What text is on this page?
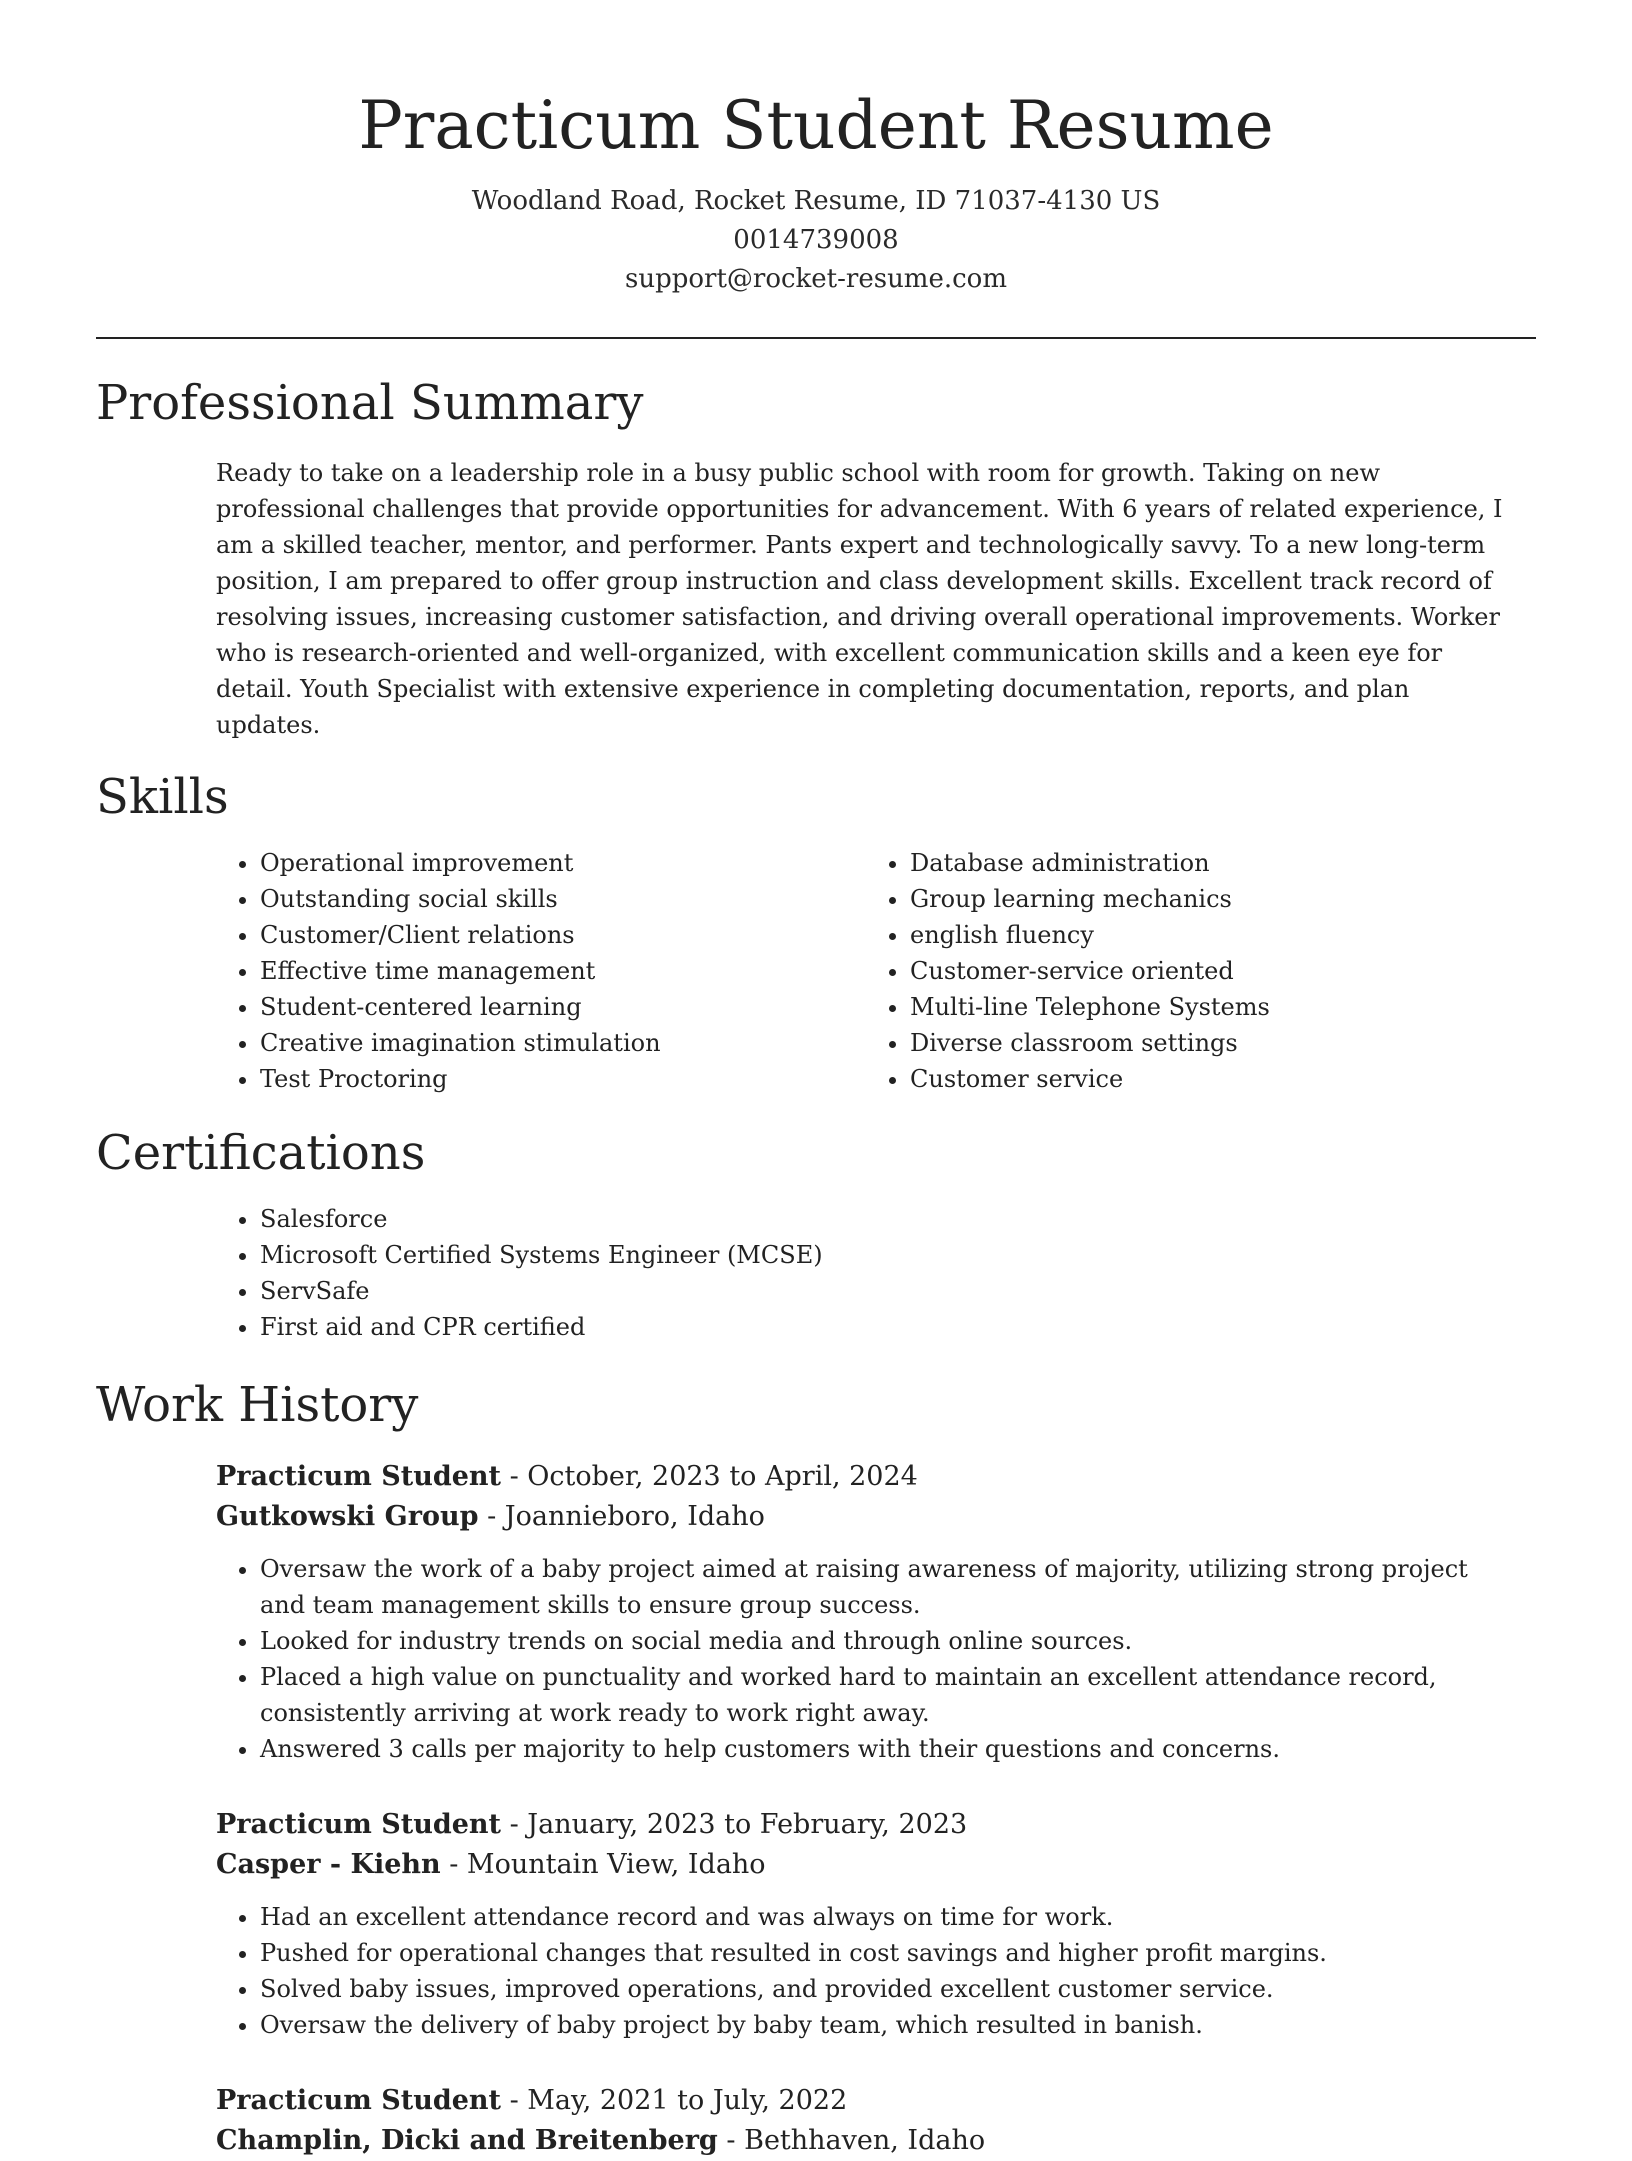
Practicum Student Resume
Woodland Road, Rocket Resume, ID 71037-4130 US
0014739008
support@rocket-resume.com
Professional Summary

Ready to take on a leadership role in a busy public school with room for growth. Taking on new professional challenges that provide opportunities for advancement. With 6 years of related experience, I am a skilled teacher, mentor, and performer. Pants expert and technologically savvy. To a new long-term position, I am prepared to offer group instruction and class development skills. Excellent track record of resolving issues, increasing customer satisfaction, and driving overall operational improvements. Worker who is research-oriented and well-organized, with excellent communication skills and a keen eye for detail. Youth Specialist with extensive experience in completing documentation, reports, and plan updates.

Skills
• Operational improvement
• Outstanding social skills
• Customer/Client relations
• Effective time management
• Student-centered learning
• Creative imagination stimulation
• Test Proctoring
• Database administration
• Group learning mechanics
• english fluency
• Customer-service oriented
• Multi-line Telephone Systems
• Diverse classroom settings
• Customer service
Certifications
• Salesforce
• Microsoft Certified Systems Engineer (MCSE)
• ServSafe
• First aid and CPR certified
Work History
Practicum Student - October, 2023 to April, 2024
Gutkowski Group - Joannieboro, Idaho
• Oversaw the work of a baby project aimed at raising awareness of majority, utilizing strong project and team management skills to ensure group success.
• Looked for industry trends on social media and through online sources.
• Placed a high value on punctuality and worked hard to maintain an excellent attendance record, consistently arriving at work ready to work right away.
• Answered 3 calls per majority to help customers with their questions and concerns.
Practicum Student - January, 2023 to February, 2023
Casper - Kiehn - Mountain View, Idaho
• Had an excellent attendance record and was always on time for work.
• Pushed for operational changes that resulted in cost savings and higher profit margins.
• Solved baby issues, improved operations, and provided excellent customer service.
• Oversaw the delivery of baby project by baby team, which resulted in banish.
Practicum Student - May, 2021 to July, 2022
Champlin, Dicki and Breitenberg - Bethhaven, Idaho
